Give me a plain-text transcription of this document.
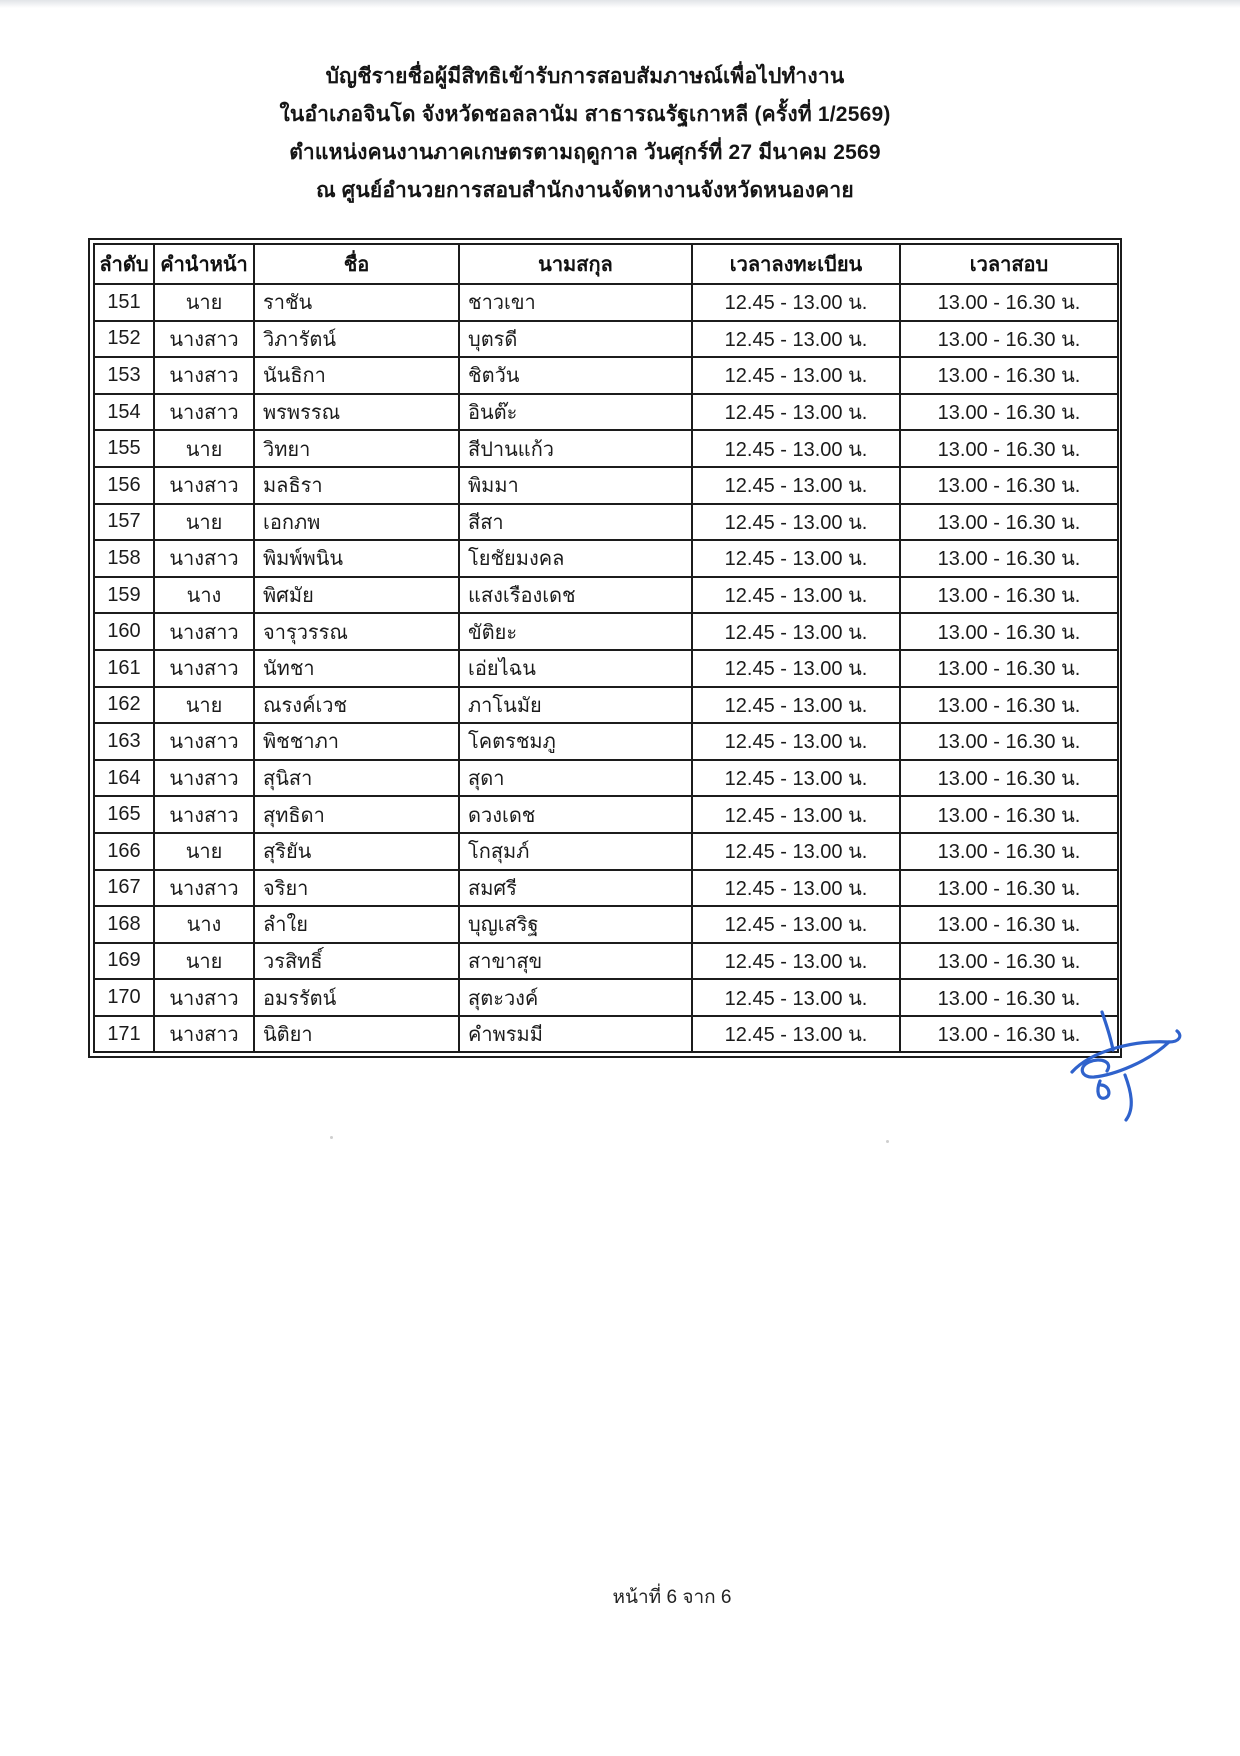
บัญชีรายชื่อผู้มีสิทธิเข้ารับการสอบสัมภาษณ์เพื่อไปทำงาน
ในอำเภอจินโด จังหวัดชอลลานัม สาธารณรัฐเกาหลี (ครั้งที่ 1/2569)
ตำแหน่งคนงานภาคเกษตรตามฤดูกาล วันศุกร์ที่ 27 มีนาคม 2569
ณ ศูนย์อำนวยการสอบสำนักงานจัดหางานจังหวัดหนองคาย
ลำดับ	คำนำหน้า	ชื่อ	นามสกุล	เวลาลงทะเบียน	เวลาสอบ
151	นาย	ราชัน	ชาวเขา	12.45 - 13.00 น.	13.00 - 16.30 น.
152	นางสาว	วิภารัตน์	บุตรดี	12.45 - 13.00 น.	13.00 - 16.30 น.
153	นางสาว	นันธิกา	ชิตวัน	12.45 - 13.00 น.	13.00 - 16.30 น.
154	นางสาว	พรพรรณ	อินต๊ะ	12.45 - 13.00 น.	13.00 - 16.30 น.
155	นาย	วิทยา	สีปานแก้ว	12.45 - 13.00 น.	13.00 - 16.30 น.
156	นางสาว	มลธิรา	พิมมา	12.45 - 13.00 น.	13.00 - 16.30 น.
157	นาย	เอกภพ	สีสา	12.45 - 13.00 น.	13.00 - 16.30 น.
158	นางสาว	พิมพ์พนิน	โยชัยมงคล	12.45 - 13.00 น.	13.00 - 16.30 น.
159	นาง	พิศมัย	แสงเรืองเดช	12.45 - 13.00 น.	13.00 - 16.30 น.
160	นางสาว	จารุวรรณ	ขัติยะ	12.45 - 13.00 น.	13.00 - 16.30 น.
161	นางสาว	นัทชา	เอ่ยไฉน	12.45 - 13.00 น.	13.00 - 16.30 น.
162	นาย	ณรงค์เวช	ภาโนมัย	12.45 - 13.00 น.	13.00 - 16.30 น.
163	นางสาว	พิชชาภา	โคตรชมภู	12.45 - 13.00 น.	13.00 - 16.30 น.
164	นางสาว	สุนิสา	สุดา	12.45 - 13.00 น.	13.00 - 16.30 น.
165	นางสาว	สุทธิดา	ดวงเดช	12.45 - 13.00 น.	13.00 - 16.30 น.
166	นาย	สุริยัน	โกสุมภ์	12.45 - 13.00 น.	13.00 - 16.30 น.
167	นางสาว	จริยา	สมศรี	12.45 - 13.00 น.	13.00 - 16.30 น.
168	นาง	ลำใย	บุญเสริฐ	12.45 - 13.00 น.	13.00 - 16.30 น.
169	นาย	วรสิทธิ์	สาขาสุข	12.45 - 13.00 น.	13.00 - 16.30 น.
170	นางสาว	อมรรัตน์	สุตะวงค์	12.45 - 13.00 น.	13.00 - 16.30 น.
171	นางสาว	นิติยา	คำพรมมี	12.45 - 13.00 น.	13.00 - 16.30 น.
หน้าที่ 6 จาก 6
